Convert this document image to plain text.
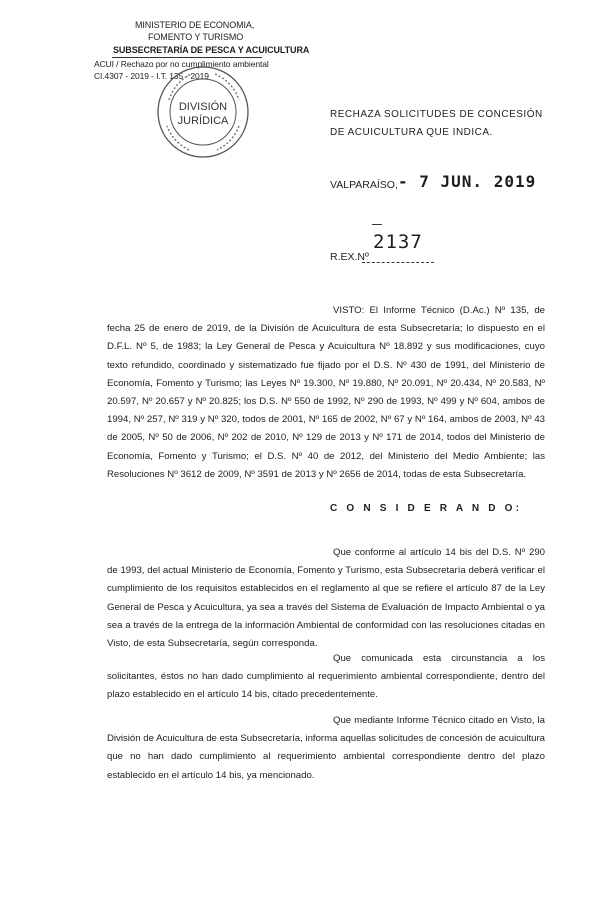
MINISTERIO DE ECONOMIA,
FOMENTO Y TURISMO
SUBSECRETARÍA DE PESCA Y ACUICULTURA
ACUI / Rechazo por no cumplimiento ambiental
CI.4307 - 2019 - I.T. 135 - 2019
DIVISIÓN
JURÍDICA
RECHAZA SOLICITUDES DE CONCESIÓN DE ACUICULTURA QUE INDICA.
VALPARAÍSO, - 7 JUN. 2019
2137
R.EX.Nº
VISTO: El Informe Técnico (D.Ac.) Nº 135, de fecha 25 de enero de 2019, de la División de Acuicultura de esta Subsecretaría; lo dispuesto en el D.F.L. Nº 5, de 1983; la Ley General de Pesca y Acuicultura Nº 18.892 y sus modificaciones, cuyo texto refundido, coordinado y sistematizado fue fijado por el D.S. Nº 430 de 1991, del Ministerio de Economía, Fomento y Turismo; las Leyes Nº 19.300, Nº 19.880, Nº 20.091, Nº 20.434, Nº 20.583, Nº 20.597, Nº 20.657 y Nº 20.825; los D.S. Nº 550 de 1992, Nº 290 de 1993, Nº 499 y Nº 604, ambos de 1994, Nº 257, Nº 319 y Nº 320, todos de 2001, Nº 165 de 2002, Nº 67 y Nº 164, ambos de 2003, Nº 43 de 2005, Nº 50 de 2006, Nº 202 de 2010, Nº 129 de 2013 y Nº 171 de 2014, todos del Ministerio de Economía, Fomento y Turismo; el D.S. Nº 40 de 2012, del Ministerio del Medio Ambiente; las Resoluciones Nº 3612 de 2009, Nº 3591 de 2013 y Nº 2656 de 2014, todas de esta Subsecretaría.
C O N S I D E R A N D O:
Que conforme al artículo 14 bis del D.S. Nº 290 de 1993, del actual Ministerio de Economía, Fomento y Turismo, esta Subsecretaría deberá verificar el cumplimiento de los requisitos establecidos en el reglamento al que se refiere el artículo 87 de la Ley General de Pesca y Acuicultura, ya sea a través del Sistema de Evaluación de Impacto Ambiental o ya sea a través de la entrega de la información Ambiental de conformidad con las resoluciones citadas en Visto, de esta Subsecretaría, según corresponda.
Que comunicada esta circunstancia a los solicitantes, éstos no han dado cumplimiento al requerimiento ambiental correspondiente, dentro del plazo establecido en el artículo 14 bis, citado precedentemente.
Que mediante Informe Técnico citado en Visto, la División de Acuicultura de esta Subsecretaría, informa aquellas solicitudes de concesión de acuicultura que no han dado cumplimiento al requerimiento ambiental correspondiente dentro del plazo establecido en el artículo 14 bis, ya mencionado.
